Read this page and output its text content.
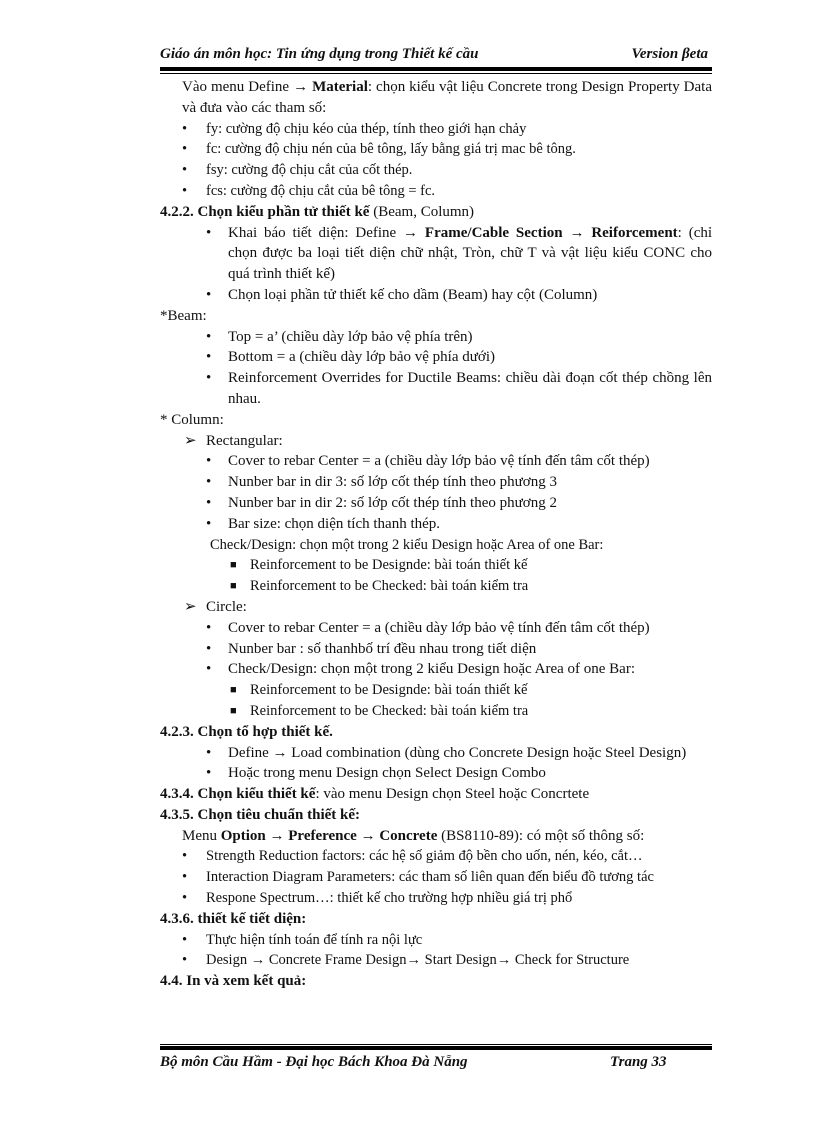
Giáo án môn học: Tin ứng dụng trong Thiết kế cầu	Version βeta

Vào menu Define → Material: chọn kiểu vật liệu Concrete trong Design Property Data và đưa vào các tham số:

• fy: cường độ chịu kéo của thép, tính theo giới hạn chảy

• fc: cường độ chịu nén của bê tông, lấy bằng giá trị mac bê tông.

• fsy: cường độ chịu cắt của cốt thép.

• fcs: cường độ chịu cắt của bê tông = fc.

4.2.2. Chọn kiểu phần tử thiết kế (Beam, Column)

• Khai báo tiết diện: Define → Frame/Cable Section → Reiforcement: (chỉ chọn được ba loại tiết diện chữ nhật, Tròn, chữ T và vật liệu kiểu CONC cho quá trình thiết kế)

• Chọn loại phần tử thiết kế cho dầm (Beam) hay cột (Column)

*Beam:

• Top = a’ (chiều dày lớp bảo vệ phía trên)

• Bottom = a (chiều dày lớp bảo vệ phía dưới)

• Reinforcement Overrides for Ductile Beams: chiều dài đoạn cốt thép chồng lên nhau.

* Column:

➢ Rectangular:

• Cover to rebar Center = a (chiều dày lớp bảo vệ tính đến tâm cốt thép)

• Nunber bar in dir 3: số lớp cốt thép tính theo phương 3

• Nunber bar in dir 2: số lớp cốt thép tính theo phương 2

• Bar size: chọn diện tích thanh thép.

Check/Design: chọn một trong 2 kiểu Design hoặc Area of one Bar:

■ Reinforcement to be Designde: bài toán thiết kế

■ Reinforcement to be Checked: bài toán kiểm tra

➢ Circle:

• Cover to rebar Center = a (chiều dày lớp bảo vệ tính đến tâm cốt thép)

• Nunber bar : số thanhbố trí đều nhau trong tiết diện

• Check/Design: chọn một trong 2 kiểu Design hoặc Area of one Bar:

■ Reinforcement to be Designde: bài toán thiết kế

■ Reinforcement to be Checked: bài toán kiểm tra

4.2.3. Chọn tổ hợp thiết kế.

• Define → Load combination (dùng cho Concrete Design hoặc Steel Design)

• Hoặc trong menu Design chọn Select Design Combo

4.3.4. Chọn kiểu thiết kế: vào menu Design chọn Steel hoặc Concrtete

4.3.5. Chọn tiêu chuẩn thiết kế:

Menu Option → Preference → Concrete (BS8110-89): có một số thông số:

• Strength Reduction factors: các hệ số giảm độ bền cho uốn, nén, kéo, cắt…

• Interaction Diagram Parameters: các tham số liên quan đến biểu đồ tương tác

• Respone Spectrum…: thiết kế cho trường hợp nhiều giá trị phổ

4.3.6. thiết kế tiết diện:

• Thực hiện tính toán để tính ra nội lực

• Design → Concrete Frame Design→ Start Design→ Check for Structure

4.4. In và xem kết quả:

Bộ môn Cầu Hầm - Đại học Bách Khoa Đà Nẵng	Trang 33
